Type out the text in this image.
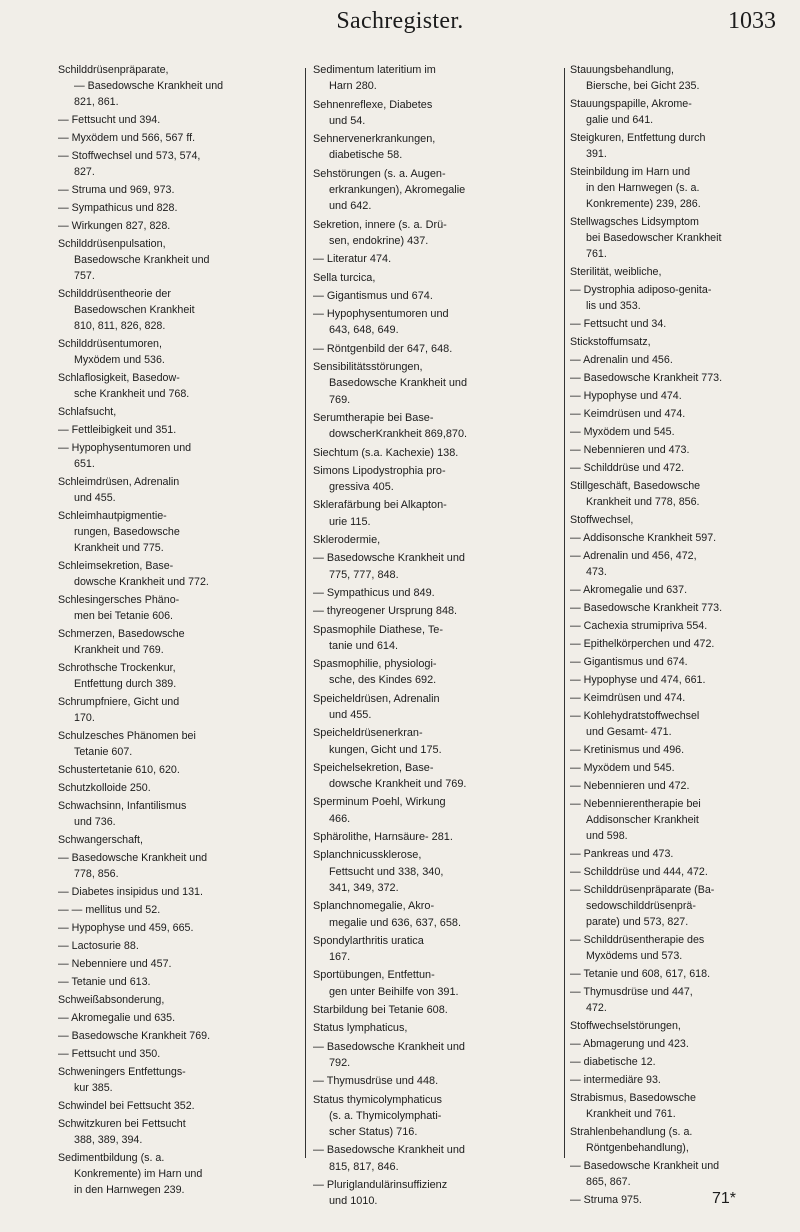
Sachregister.	1033
Schilddrüsenpräparate,
— Basedowsche Krankheit und
821, 861.
— Fettsucht und 394.
— Myxödem und 566, 567 ff.
— Stoffwechsel und 573, 574,
827.
— Struma und 969, 973.
— Sympathicus und 828.
— Wirkungen 827, 828.
Schilddrüsenpulsation,
Basedowsche Krankheit und
757.
Schilddrüsentheorie der
Basedowschen Krankheit
810, 811, 826, 828.
Schilddrüsentumoren,
Myxödem und 536.
Schlaflosigkeit, Basedow-
sche Krankheit und 768.
Schlafsucht,
— Fettleibigkeit und 351.
— Hypophysentumoren und
651.
Schleimdrüsen, Adrenalin
und 455.
Schleimhautpigmentie-
rungen, Basedowsche
Krankheit und 775.
Schleimsekretion, Base-
dowsche Krankheit und 772.
Schlesingersches Phäno-
men bei Tetanie 606.
Schmerzen, Basedowsche
Krankheit und 769.
Schrothsche Trockenkur,
Entfettung durch 389.
Schrumpfniere, Gicht und
170.
Schulzesches Phänomen bei
Tetanie 607.
Schustertetanie 610, 620.
Schutzkolloide 250.
Schwachsinn, Infantilismus
und 736.
Schwangerschaft,
— Basedowsche Krankheit und
778, 856.
— Diabetes insipidus und 131.
— — mellitus und 52.
— Hypophyse und 459, 665.
— Lactosurie 88.
— Nebenniere und 457.
— Tetanie und 613.
Schweißabsonderung,
— Akromegalie und 635.
— Basedowsche Krankheit 769.
— Fettsucht und 350.
Schweningers Entfettungs-
kur 385.
Schwindel bei Fettsucht 352.
Schwitzkuren bei Fettsucht
388, 389, 394.
Sedimentbildung (s. a.
Konkremente) im Harn und
in den Harnwegen 239.
Sedimentum lateritium im
Harn 280.
Sehnenreflexe, Diabetes
und 54.
Sehnervenerkrankungen,
diabetische 58.
Sehstörungen (s. a. Augen-
erkrankungen), Akromegalie
und 642.
Sekretion, innere (s. a. Drü-
sen, endokrine) 437.
— Literatur 474.
Sella turcica,
— Gigantismus und 674.
— Hypophysentumoren und
643, 648, 649.
— Röntgenbild der 647, 648.
Sensibilitätsstörungen,
Basedowsche Krankheit und
769.
Serumtherapie bei Base-
dowscherKrankheit 869,870.
Siechtum (s.a. Kachexie) 138.
Simons Lipodystrophia pro-
gressiva 405.
Sklerafärbung bei Alkapton-
urie 115.
Sklerodermie,
— Basedowsche Krankheit und
775, 777, 848.
— Sympathicus und 849.
— thyreogener Ursprung 848.
Spasmophile Diathese, Te-
tanie und 614.
Spasmophilie, physiologi-
sche, des Kindes 692.
Speicheldrüsen, Adrenalin
und 455.
Speicheldrüsenerkran-
kungen, Gicht und 175.
Speichelsekretion, Base-
dowsche Krankheit und 769.
Sperminum Poehl, Wirkung
466.
Sphärolithe, Harnsäure- 281.
Splanchnicussklerose,
Fettsucht und 338, 340,
341, 349, 372.
Splanchnomegalie, Akro-
megalie und 636, 637, 658.
Spondylarthritis uratica
167.
Sportübungen, Entfettun-
gen unter Beihilfe von 391.
Starbildung bei Tetanie 608.
Status lymphaticus,
— Basedowsche Krankheit und
792.
— Thymusdrüse und 448.
Status thymicolymphaticus
(s. a. Thymicolymphati-
scher Status) 716.
— Basedowsche Krankheit und
815, 817, 846.
— Pluriglandulärinsuffizienz
und 1010.
Stauungsbehandlung,
Biersche, bei Gicht 235.
Stauungspapille, Akrome-
galie und 641.
Steigkuren, Entfettung durch
391.
Steinbildung im Harn und
in den Harnwegen (s. a.
Konkremente) 239, 286.
Stellwagsches Lidsymptom
bei Basedowscher Krankheit
761.
Sterilität, weibliche,
— Dystrophia adiposo-genita-
lis und 353.
— Fettsucht und 34.
Stickstoffumsatz,
— Adrenalin und 456.
— Basedowsche Krankheit 773.
— Hypophyse und 474.
— Keimdrüsen und 474.
— Myxödem und 545.
— Nebennieren und 473.
— Schilddrüse und 472.
Stillgeschäft, Basedowsche
Krankheit und 778, 856.
Stoffwechsel,
— Addisonsche Krankheit 597.
— Adrenalin und 456, 472,
473.
— Akromegalie und 637.
— Basedowsche Krankheit 773.
— Cachexia strumipriva 554.
— Epithelkörperchen und 472.
— Gigantismus und 674.
— Hypophyse und 474, 661.
— Keimdrüsen und 474.
— Kohlehydratstoffwechsel
und Gesamt- 471.
— Kretinismus und 496.
— Myxödem und 545.
— Nebennieren und 472.
— Nebennierentherapie bei
Addisonscher Krankheit
und 598.
— Pankreas und 473.
— Schilddrüse und 444, 472.
— Schilddrüsenpräparate (Ba-
sedowschilddrüsenprä-
parate) und 573, 827.
— Schilddrüsentherapie des
Myxödems und 573.
— Tetanie und 608, 617, 618.
— Thymusdrüse und 447,
472.
Stoffwechselstörungen,
— Abmagerung und 423.
— diabetische 12.
— intermediäre 93.
Strabismus, Basedowsche
Krankheit und 761.
Strahlenbehandlung (s. a.
Röntgenbehandlung),
— Basedowsche Krankheit und
865, 867.
— Struma 975.	71*
